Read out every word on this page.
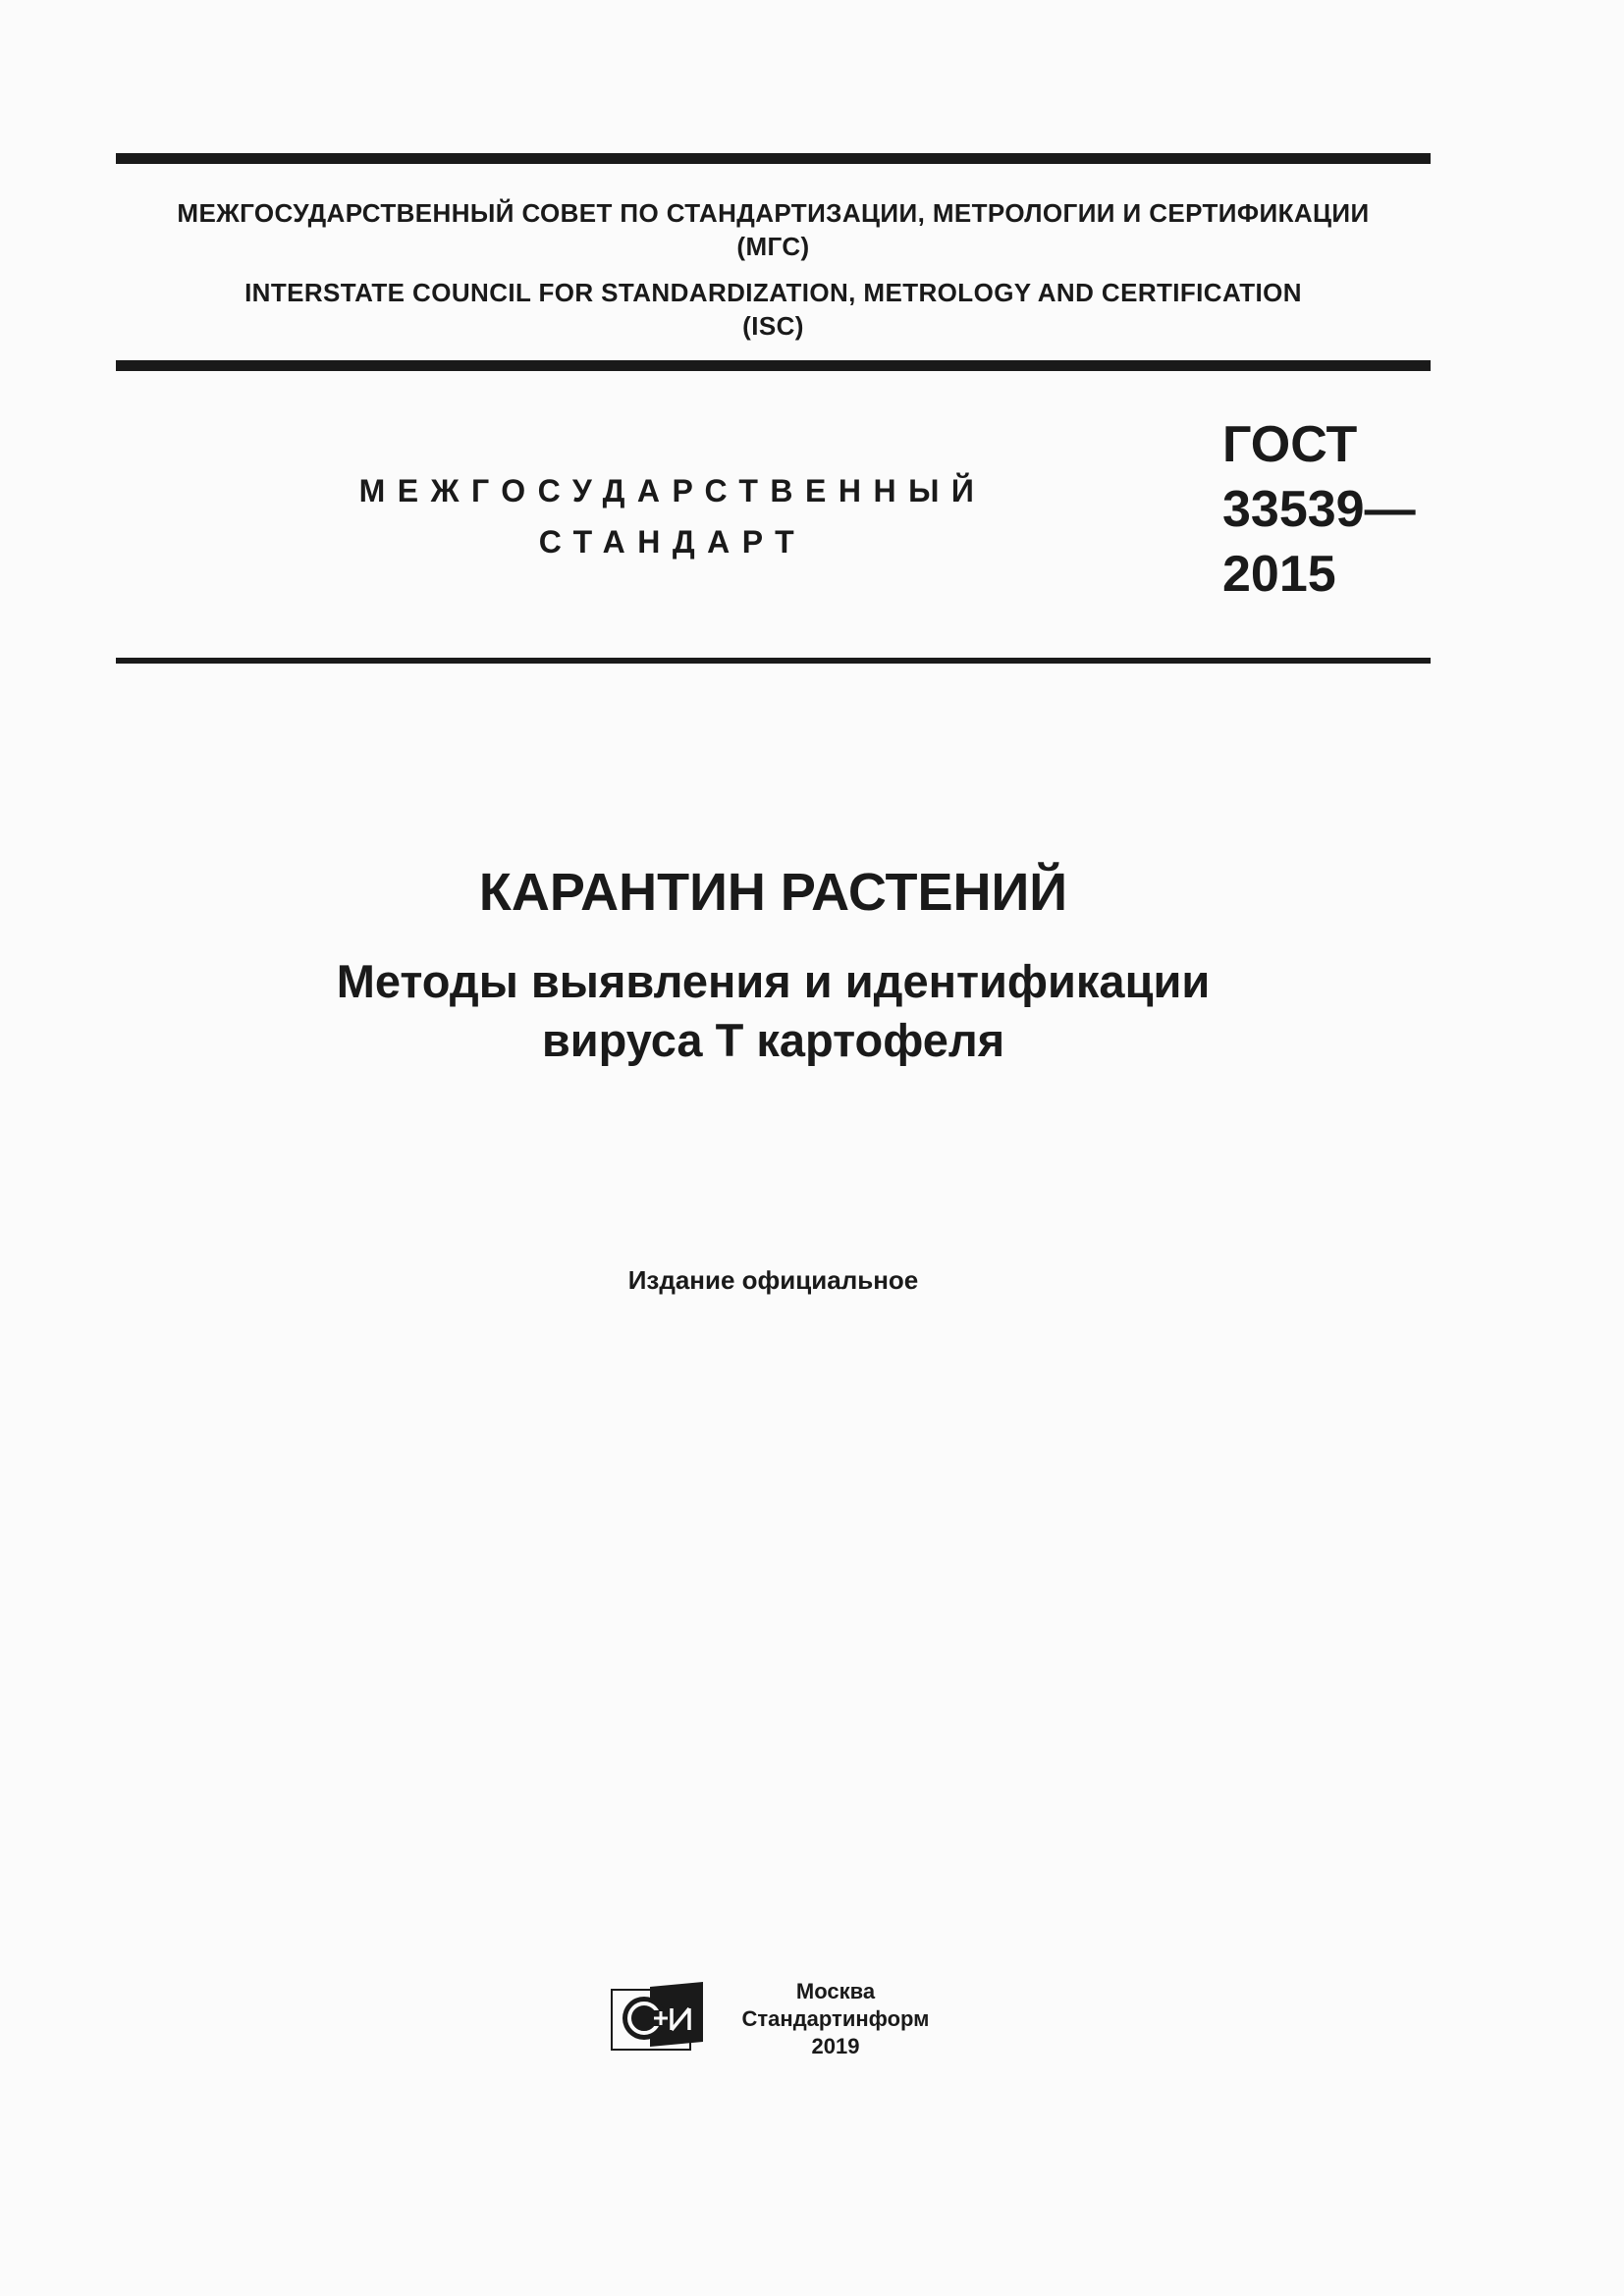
МЕЖГОСУДАРСТВЕННЫЙ СОВЕТ ПО СТАНДАРТИЗАЦИИ, МЕТРОЛОГИИ И СЕРТИФИКАЦИИ
(МГС)
INTERSTATE COUNCIL FOR STANDARDIZATION, METROLOGY AND CERTIFICATION
(ISC)
МЕЖГОСУДАРСТВЕННЫЙ
СТАНДАРТ
ГОСТ
33539—
2015
КАРАНТИН РАСТЕНИЙ
Методы выявления и идентификации
вируса Т картофеля
Издание официальное
Москва
Стандартинформ
2019
